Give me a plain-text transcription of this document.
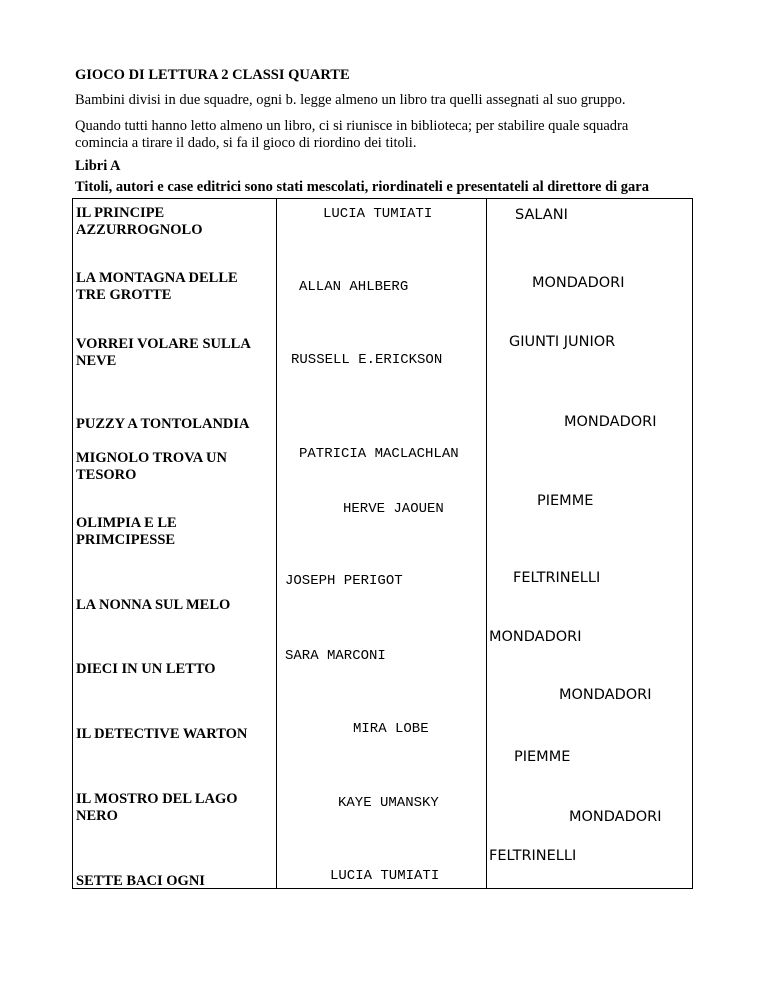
GIOCO DI LETTURA 2 CLASSI QUARTE
Bambini divisi in due squadre, ogni b. legge almeno un libro tra quelli assegnati al suo gruppo.
Quando tutti hanno letto almeno un libro, ci si riunisce in biblioteca; per stabilire quale squadra
comincia a tirare il dado, si fa il gioco di riordino dei titoli.
Libri A
Titoli, autori e case editrici sono stati mescolati, riordinateli e presentateli al direttore di gara
IL PRINCIPE
AZZURROGNOLO
LA MONTAGNA DELLE
TRE GROTTE
VORREI VOLARE SULLA
NEVE
PUZZY A TONTOLANDIA
MIGNOLO TROVA UN
TESORO
OLIMPIA E LE
PRIMCIPESSE
LA NONNA SUL MELO
DIECI IN UN LETTO
IL DETECTIVE WARTON
IL MOSTRO DEL LAGO
NERO
SETTE BACI OGNI
LUCIA TUMIATI
ALLAN AHLBERG
RUSSELL E.ERICKSON
PATRICIA MACLACHLAN
HERVE JAOUEN
JOSEPH PERIGOT
SARA MARCONI
MIRA LOBE
KAYE UMANSKY
LUCIA TUMIATI
SALANI
MONDADORI
GIUNTI JUNIOR
MONDADORI
PIEMME
FELTRINELLI
MONDADORI
MONDADORI
PIEMME
MONDADORI
FELTRINELLI
